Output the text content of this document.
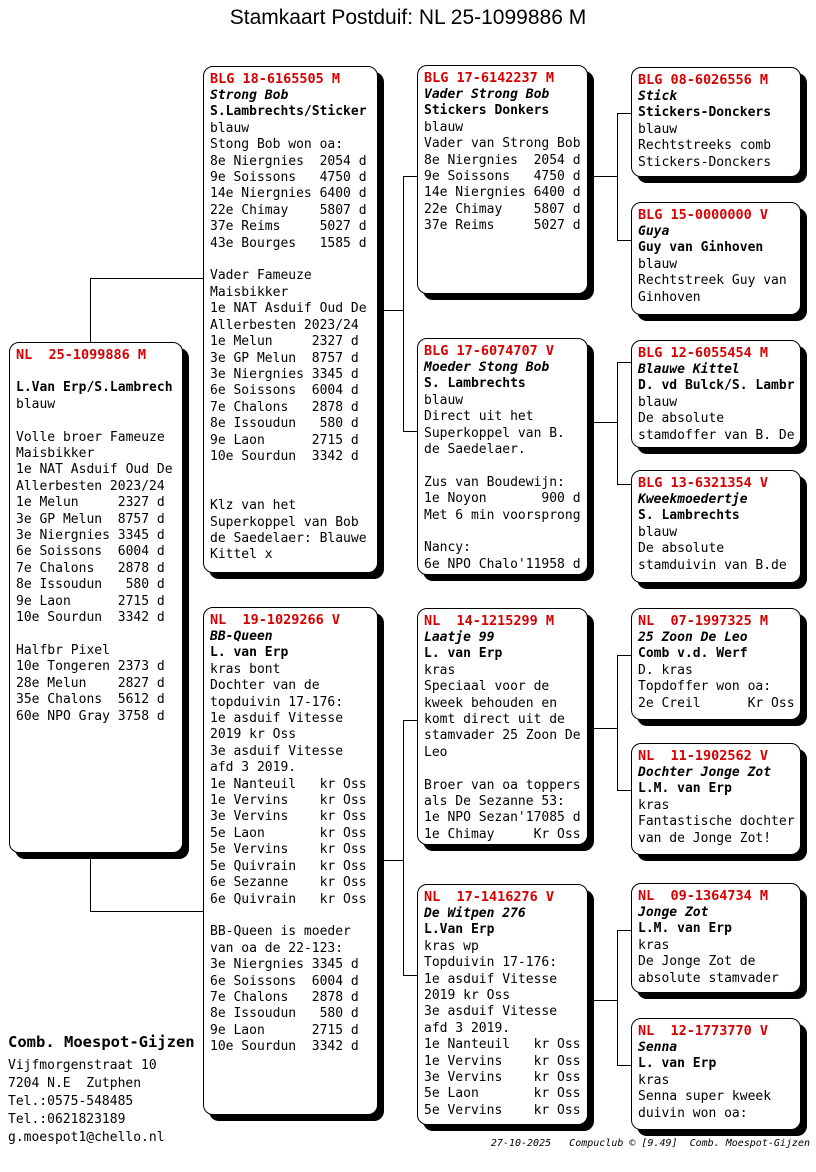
Stamkaart Postduif: NL 25-1099886 M
NL  25-1099886 M

L.Van Erp/S.Lambrech
blauw

Volle broer Fameuze
Maisbikker
1e NAT Asduif Oud De
Allerbesten 2023/24
1e Melun     2327 d
3e GP Melun  8757 d
3e Niergnies 3345 d
6e Soissons  6004 d
7e Chalons   2878 d
8e Issoudun   580 d
9e Laon      2715 d
10e Sourdun  3342 d

Halfbr Pixel
10e Tongeren 2373 d
28e Melun    2827 d
35e Chalons  5612 d
60e NPO Gray 3758 d
BLG 18-6165505 M
Strong Bob
S.Lambrechts/Sticker
blauw
Stong Bob won oa:
8e Niergnies  2054 d
9e Soissons   4750 d
14e Niergnies 6400 d
22e Chimay    5807 d
37e Reims     5027 d
43e Bourges   1585 d

Vader Fameuze
Maisbikker
1e NAT Asduif Oud De
Allerbesten 2023/24
1e Melun     2327 d
3e GP Melun  8757 d
3e Niergnies 3345 d
6e Soissons  6004 d
7e Chalons   2878 d
8e Issoudun   580 d
9e Laon      2715 d
10e Sourdun  3342 d

Klz van het
Superkoppel van Bob
de Saedelaer: Blauwe
Kittel x
NL  19-1029266 V
BB-Queen
L. van Erp
kras bont
Dochter van de
topduivin 17-176:
1e asduif Vitesse
2019 kr Oss
3e asduif Vitesse
afd 3 2019.
1e Nanteuil   kr Oss
1e Vervins    kr Oss
3e Vervins    kr Oss
5e Laon       kr Oss
5e Vervins    kr Oss
5e Quivrain   kr Oss
6e Sezanne    kr Oss
6e Quivrain   kr Oss

BB-Queen is moeder
van oa de 22-123:
3e Niergnies 3345 d
6e Soissons  6004 d
7e Chalons   2878 d
8e Issoudun   580 d
9e Laon      2715 d
10e Sourdun  3342 d
BLG 17-6142237 M
Vader Strong Bob
Stickers Donkers
blauw
Vader van Strong Bob
8e Niergnies  2054 d
9e Soissons   4750 d
14e Niergnies 6400 d
22e Chimay    5807 d
37e Reims     5027 d
BLG 17-6074707 V
Moeder Stong Bob
S. Lambrechts
blauw
Direct uit het
Superkoppel van B.
de Saedelaer.

Zus van Boudewijn:
1e Noyon       900 d
Met 6 min voorsprong

Nancy:
6e NPO Chalo'11958 d
NL  14-1215299 M
Laatje 99
L. van Erp
kras
Speciaal voor de
kweek behouden en
komt direct uit de
stamvader 25 Zoon De
Leo

Broer van oa toppers
als De Sezanne 53:
1e NPO Sezan'17085 d
1e Chimay     Kr Oss
NL  17-1416276 V
De Witpen 276
L.Van Erp
kras wp
Topduivin 17-176:
1e asduif Vitesse
2019 kr Oss
3e asduif Vitesse
afd 3 2019.
1e Nanteuil   kr Oss
1e Vervins    kr Oss
3e Vervins    kr Oss
5e Laon       kr Oss
5e Vervins    kr Oss
BLG 08-6026556 M
Stick
Stickers-Donckers
blauw
Rechtstreeks comb
Stickers-Donckers
BLG 15-0000000 V
Guya
Guy van Ginhoven
blauw
Rechtstreek Guy van
Ginhoven
BLG 12-6055454 M
Blauwe Kittel
D. vd Bulck/S. Lambr
blauw
De absolute
stamdoffer van B. De
BLG 13-6321354 V
Kweekmoedertje
S. Lambrechts
blauw
De absolute
stamduivin van B.de
NL  07-1997325 M
25 Zoon De Leo
Comb v.d. Werf
D. kras
Topdoffer won oa:
2e Creil      Kr Oss
NL  11-1902562 V
Dochter Jonge Zot
L.M. van Erp
kras
Fantastische dochter
van de Jonge Zot!
NL  09-1364734 M
Jonge Zot
L.M. van Erp
kras
De Jonge Zot de
absolute stamvader
NL  12-1773770 V
Senna
L. van Erp
kras
Senna super kweek
duivin won oa:
Comb. Moespot-Gijzen
Vijfmorgenstraat 10
7204 N.E  Zutphen
Tel.:0575-548485
Tel.:0621823189
g.moespot1@chello.nl	27-10-2025   Compuclub © [9.49]  Comb. Moespot-Gijzen
